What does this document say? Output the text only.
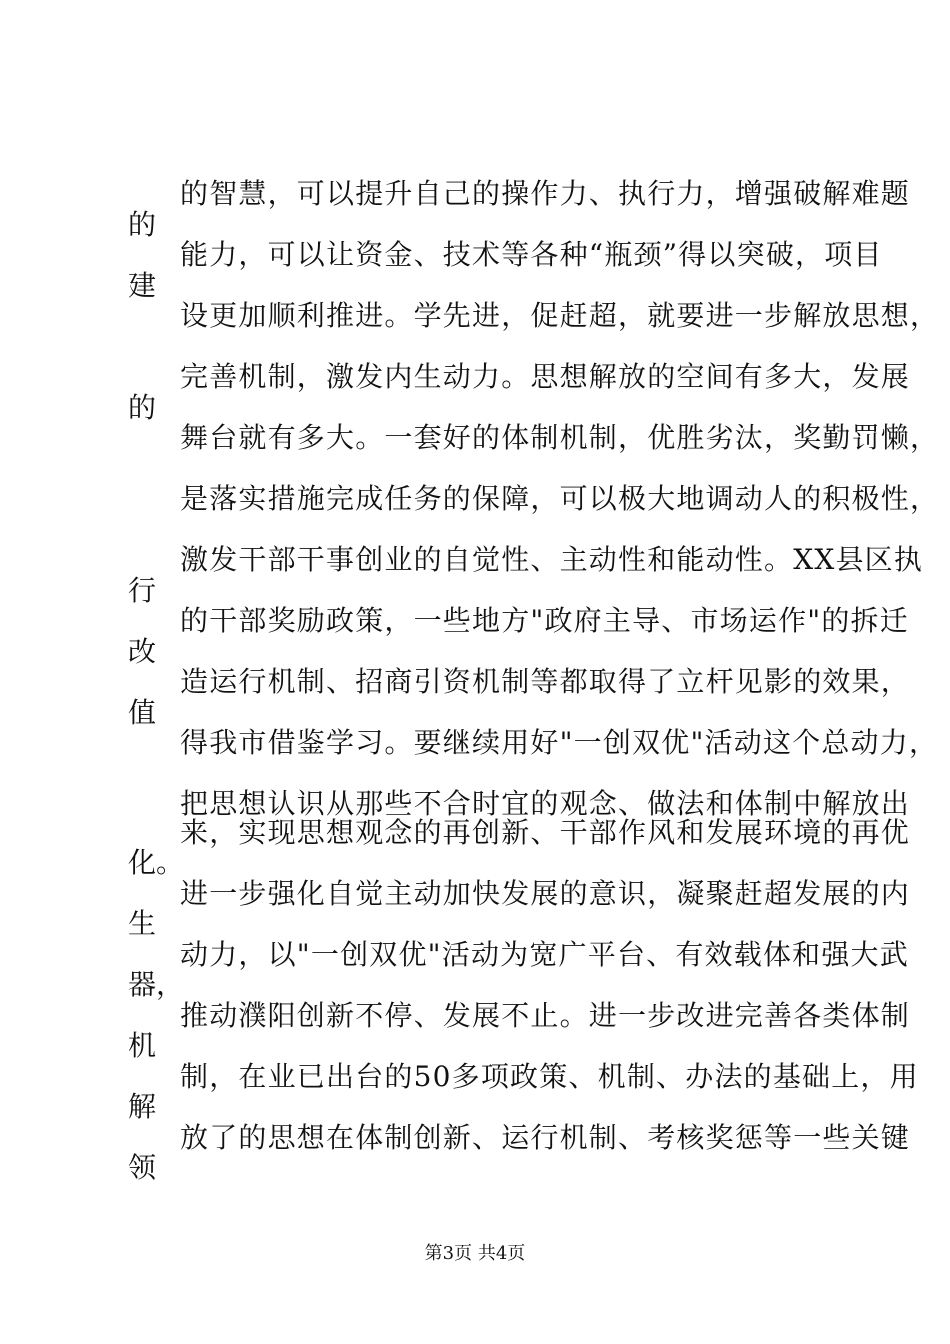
的智慧，可以提升自己的操作力、执行力，增强破解难题
能力，可以让资金、技术等各种“瓶颈”得以突破，项目
设更加顺利推进。学先进，促赶超，就要进一步解放思想，
完善机制，激发内生动力。思想解放的空间有多大，发展
舞台就有多大。一套好的体制机制，优胜劣汰，奖勤罚懒，
是落实措施完成任务的保障，可以极大地调动人的积极性，
激发干部干事创业的自觉性、主动性和能动性。XX县区执
的干部奖励政策，一些地方"政府主导、市场运作"的拆迁
造运行机制、招商引资机制等都取得了立杆见影的效果，
得我市借鉴学习。要继续用好"一创双优"活动这个总动力，
把思想认识从那些不合时宜的观念、做法和体制中解放出
来，实现思想观念的再创新、干部作风和发展环境的再优
进一步强化自觉主动加快发展的意识，凝聚赶超发展的内
动力，以"一创双优"活动为宽广平台、有效载体和强大武
推动濮阳创新不停、发展不止。进一步改进完善各类体制
制，在业已出台的50多项政策、机制、办法的基础上，用
放了的思想在体制创新、运行机制、考核奖惩等一些关键
的
建
的
行
改
值
化。
生
器，
机
解
领
第3页 共4页
